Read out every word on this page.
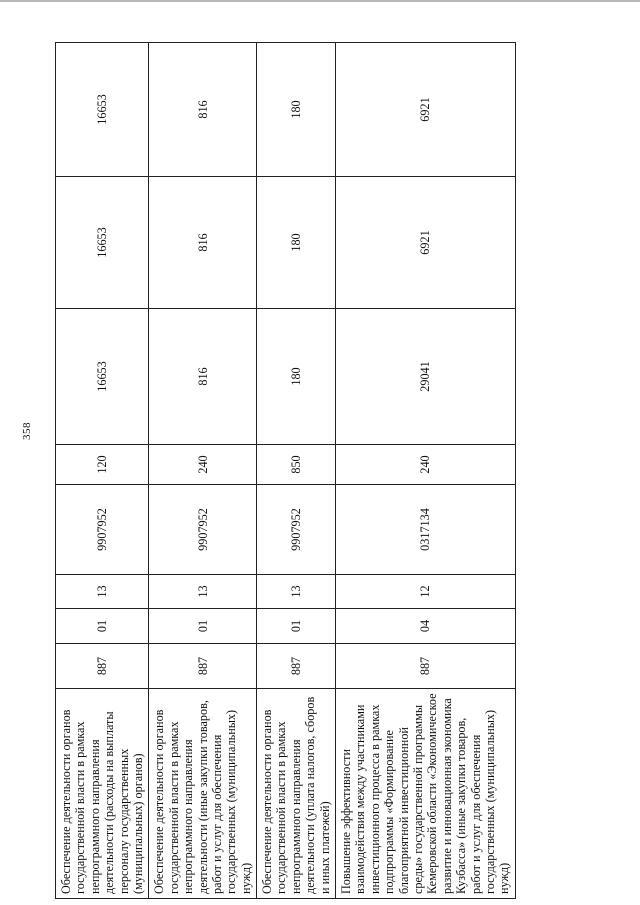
358
Обеспечение деятельности органов государственной власти в рамках непрограммного направления деятельности (расходы на выплаты персоналу государственных (муниципальных) органов)	887	01	13	9907952	120	16653	16653	16653
Обеспечение деятельности органов государственной власти в рамках непрограммного направления деятельности (иные закупки товаров, работ и услуг для обеспечения государственных (муниципальных) нужд)	887	01	13	9907952	240	816	816	816
Обеспечение деятельности органов государственной власти в рамках непрограммного направления деятельности (уплата налогов, сборов и иных платежей)	887	01	13	9907952	850	180	180	180
Повышение эффективности взаимодействия между участниками инвестиционного процесса в рамках подпрограммы «Формирование благоприятной инвестиционной среды» государственной программы Кемеровской области «Экономическое развитие и инновационная экономика Кузбасса» (иные закупки товаров, работ и услуг для обеспечения государственных (муниципальных) нужд)	887	04	12	0317134	240	29041	6921	6921
